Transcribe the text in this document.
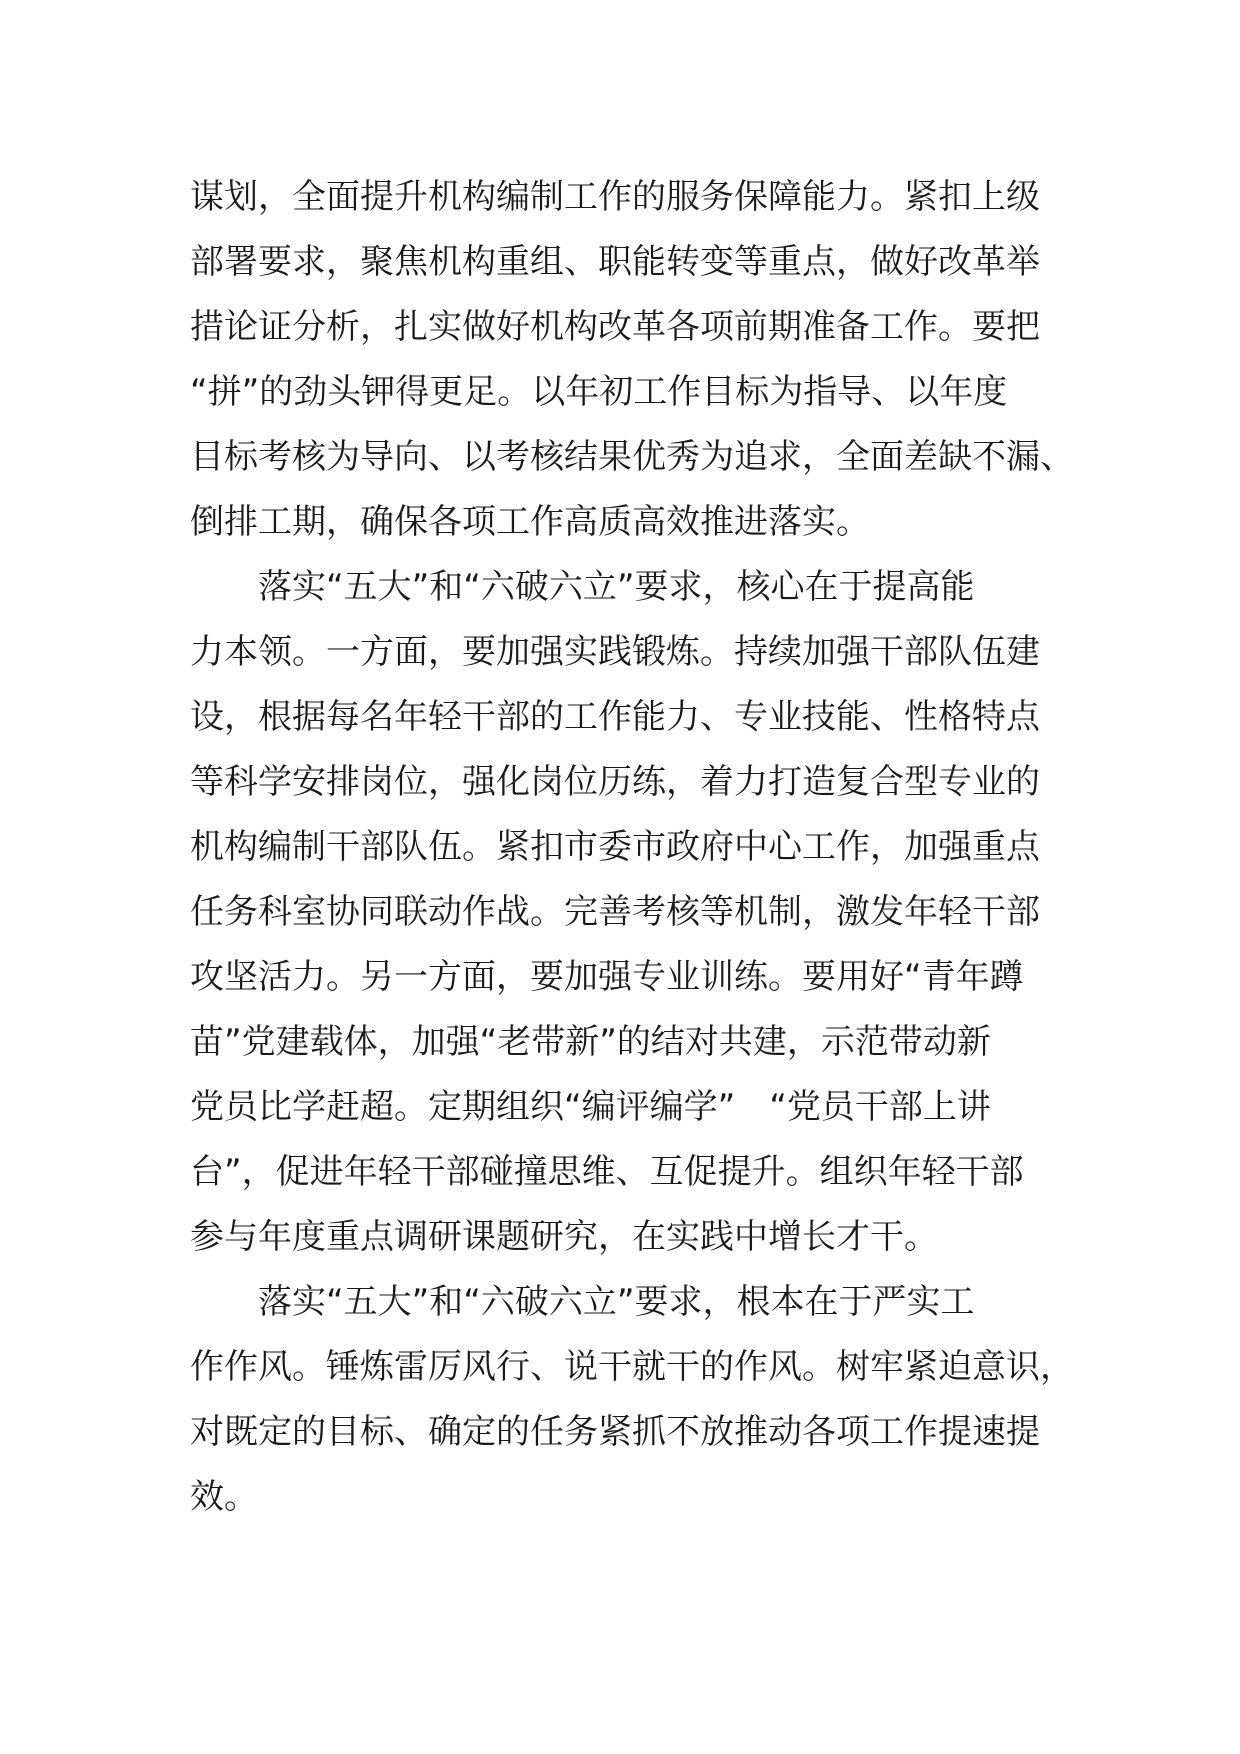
谋划，全面提升机构编制工作的服务保障能力。紧扣上级
部署要求，聚焦机构重组、职能转变等重点，做好改革举
措论证分析，扎实做好机构改革各项前期准备工作。要把
“拼”的劲头钾得更足。以年初工作目标为指导、以年度
目标考核为导向、以考核结果优秀为追求，全面差缺不漏、
倒排工期，确保各项工作高质高效推进落实。
　　落实“五大”和“六破六立”要求，核心在于提高能
力本领。一方面，要加强实践锻炼。持续加强干部队伍建
设，根据每名年轻干部的工作能力、专业技能、性格特点
等科学安排岗位，强化岗位历练，着力打造复合型专业的
机构编制干部队伍。紧扣市委市政府中心工作，加强重点
任务科室协同联动作战。完善考核等机制，激发年轻干部
攻坚活力。另一方面，要加强专业训练。要用好“青年蹲
苗”党建载体，加强“老带新”的结对共建，示范带动新
党员比学赶超。定期组织“编评编学”　“党员干部上讲
台”，促进年轻干部碰撞思维、互促提升。组织年轻干部
参与年度重点调研课题研究，在实践中增长才干。
　　落实“五大”和“六破六立”要求，根本在于严实工
作作风。锤炼雷厉风行、说干就干的作风。树牢紧迫意识，
对既定的目标、确定的任务紧抓不放推动各项工作提速提
效。
